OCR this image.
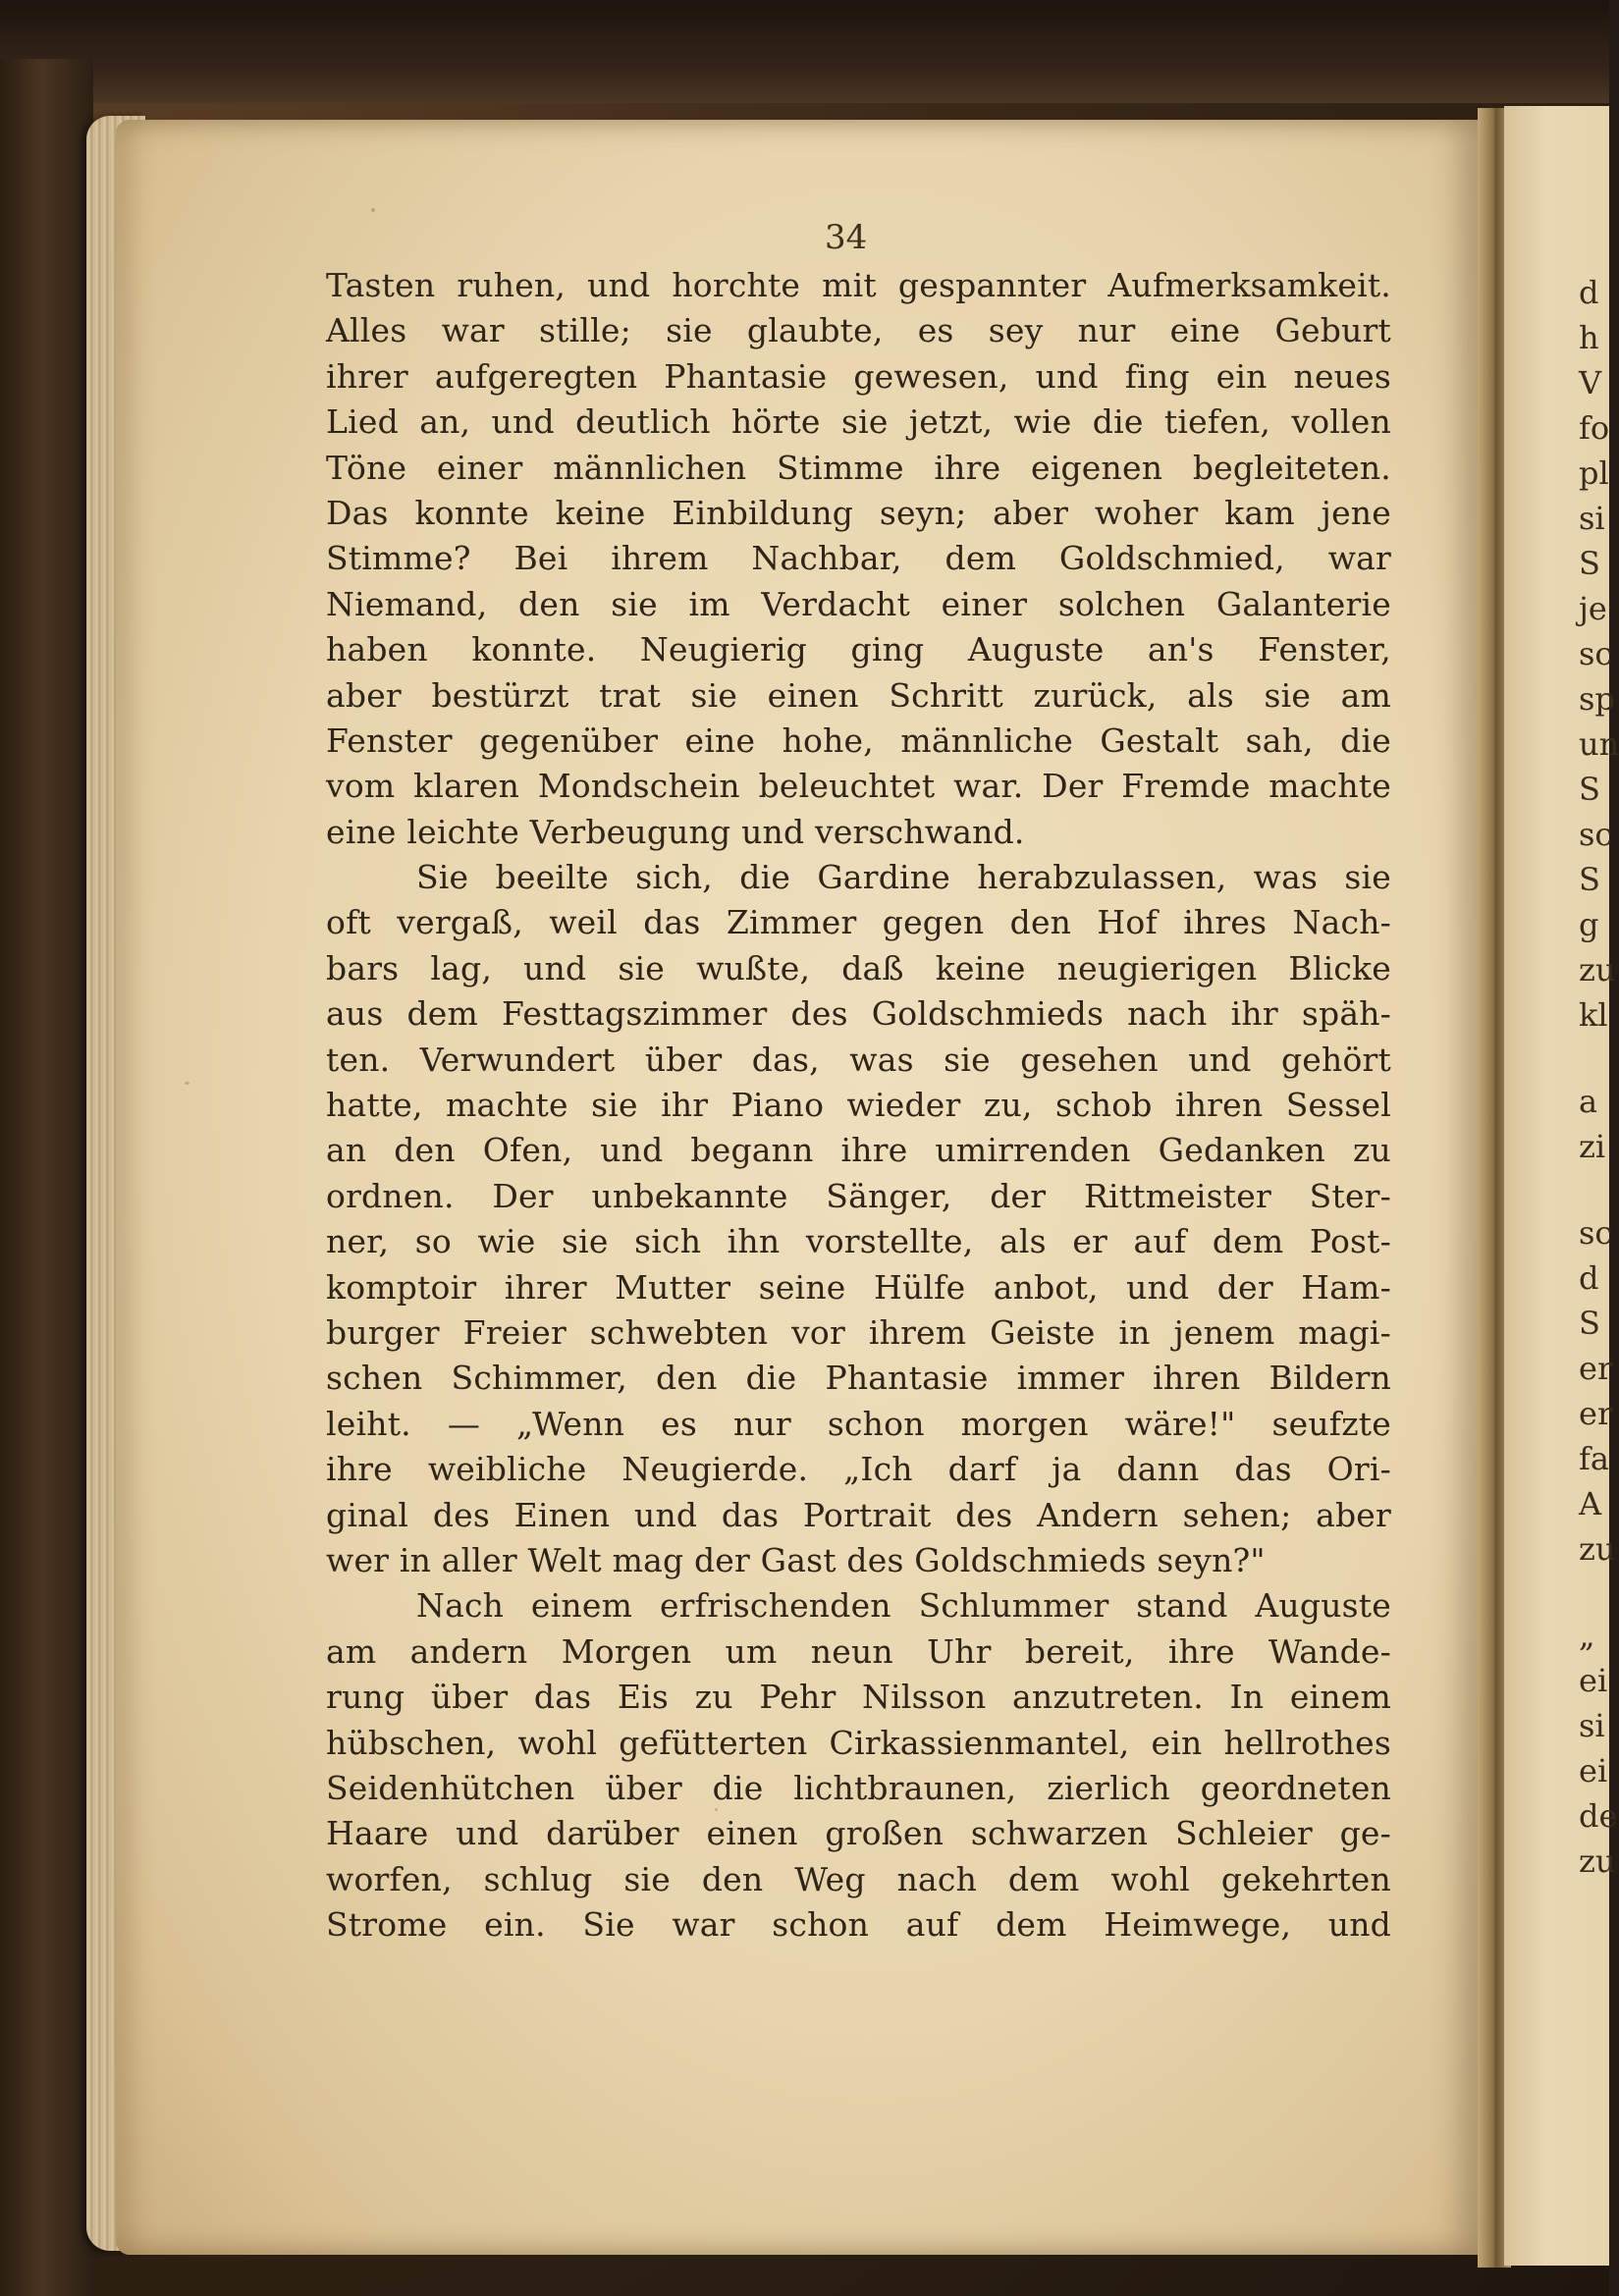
34
Tasten ruhen, und horchte mit gespannter Aufmerksamkeit.
Alles war stille; sie glaubte, es sey nur eine Geburt
ihrer aufgeregten Phantasie gewesen, und fing ein neues
Lied an, und deutlich hörte sie jetzt, wie die tiefen, vollen
Töne einer männlichen Stimme ihre eigenen begleiteten.
Das konnte keine Einbildung seyn; aber woher kam jene
Stimme? Bei ihrem Nachbar, dem Goldschmied, war
Niemand, den sie im Verdacht einer solchen Galanterie
haben konnte. Neugierig ging Auguste an's Fenster,
aber bestürzt trat sie einen Schritt zurück, als sie am
Fenster gegenüber eine hohe, männliche Gestalt sah, die
vom klaren Mondschein beleuchtet war. Der Fremde machte
eine leichte Verbeugung und verschwand.
Sie beeilte sich, die Gardine herabzulassen, was sie
oft vergaß, weil das Zimmer gegen den Hof ihres Nach-
bars lag, und sie wußte, daß keine neugierigen Blicke
aus dem Festtagszimmer des Goldschmieds nach ihr späh-
ten. Verwundert über das, was sie gesehen und gehört
hatte, machte sie ihr Piano wieder zu, schob ihren Sessel
an den Ofen, und begann ihre umirrenden Gedanken zu
ordnen. Der unbekannte Sänger, der Rittmeister Ster-
ner, so wie sie sich ihn vorstellte, als er auf dem Post-
komptoir ihrer Mutter seine Hülfe anbot, und der Ham-
burger Freier schwebten vor ihrem Geiste in jenem magi-
schen Schimmer, den die Phantasie immer ihren Bildern
leiht. — „Wenn es nur schon morgen wäre!" seufzte
ihre weibliche Neugierde. „Ich darf ja dann das Ori-
ginal des Einen und das Portrait des Andern sehen; aber
wer in aller Welt mag der Gast des Goldschmieds seyn?"
Nach einem erfrischenden Schlummer stand Auguste
am andern Morgen um neun Uhr bereit, ihre Wande-
rung über das Eis zu Pehr Nilsson anzutreten. In einem
hübschen, wohl gefütterten Cirkassienmantel, ein hellrothes
Seidenhütchen über die lichtbraunen, zierlich geordneten
Haare und darüber einen großen schwarzen Schleier ge-
worfen, schlug sie den Weg nach dem wohl gekehrten
Strome ein. Sie war schon auf dem Heimwege, und
d
h
V
fo
pl
si
S
je
sc
sp
un
S
sc
S
g
zu
kl
a
zi
sc
d
S
er
er
fa
A
zu
„
ei
si
ei
de
zu
